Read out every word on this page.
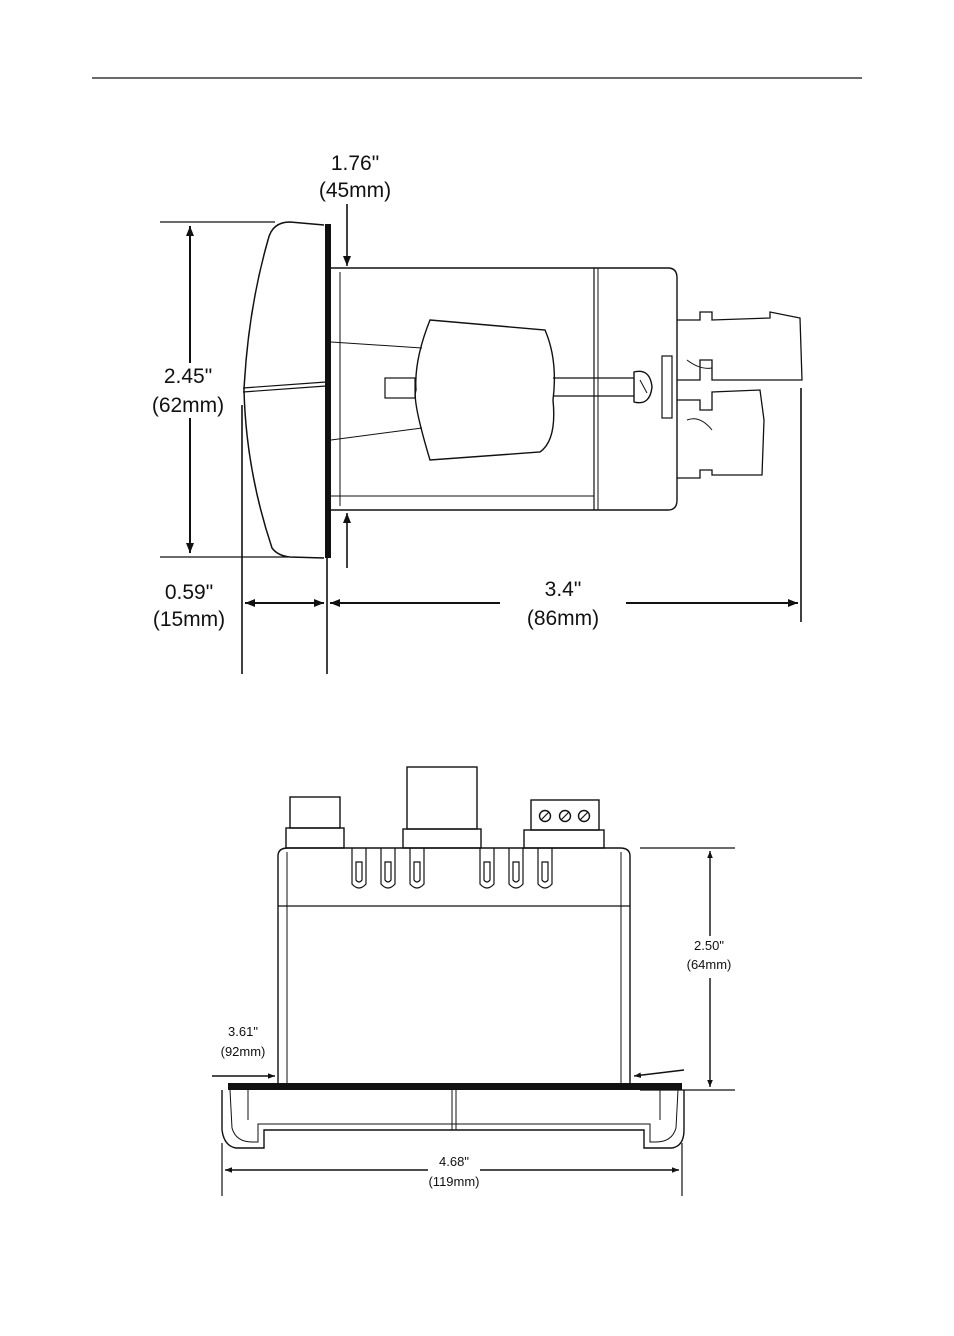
1.76"
(45mm)
2.45"
(62mm)
0.59"
(15mm)
3.4"
(86mm)
2.50"
(64mm)
3.61"
(92mm)
4.68"
(119mm)
